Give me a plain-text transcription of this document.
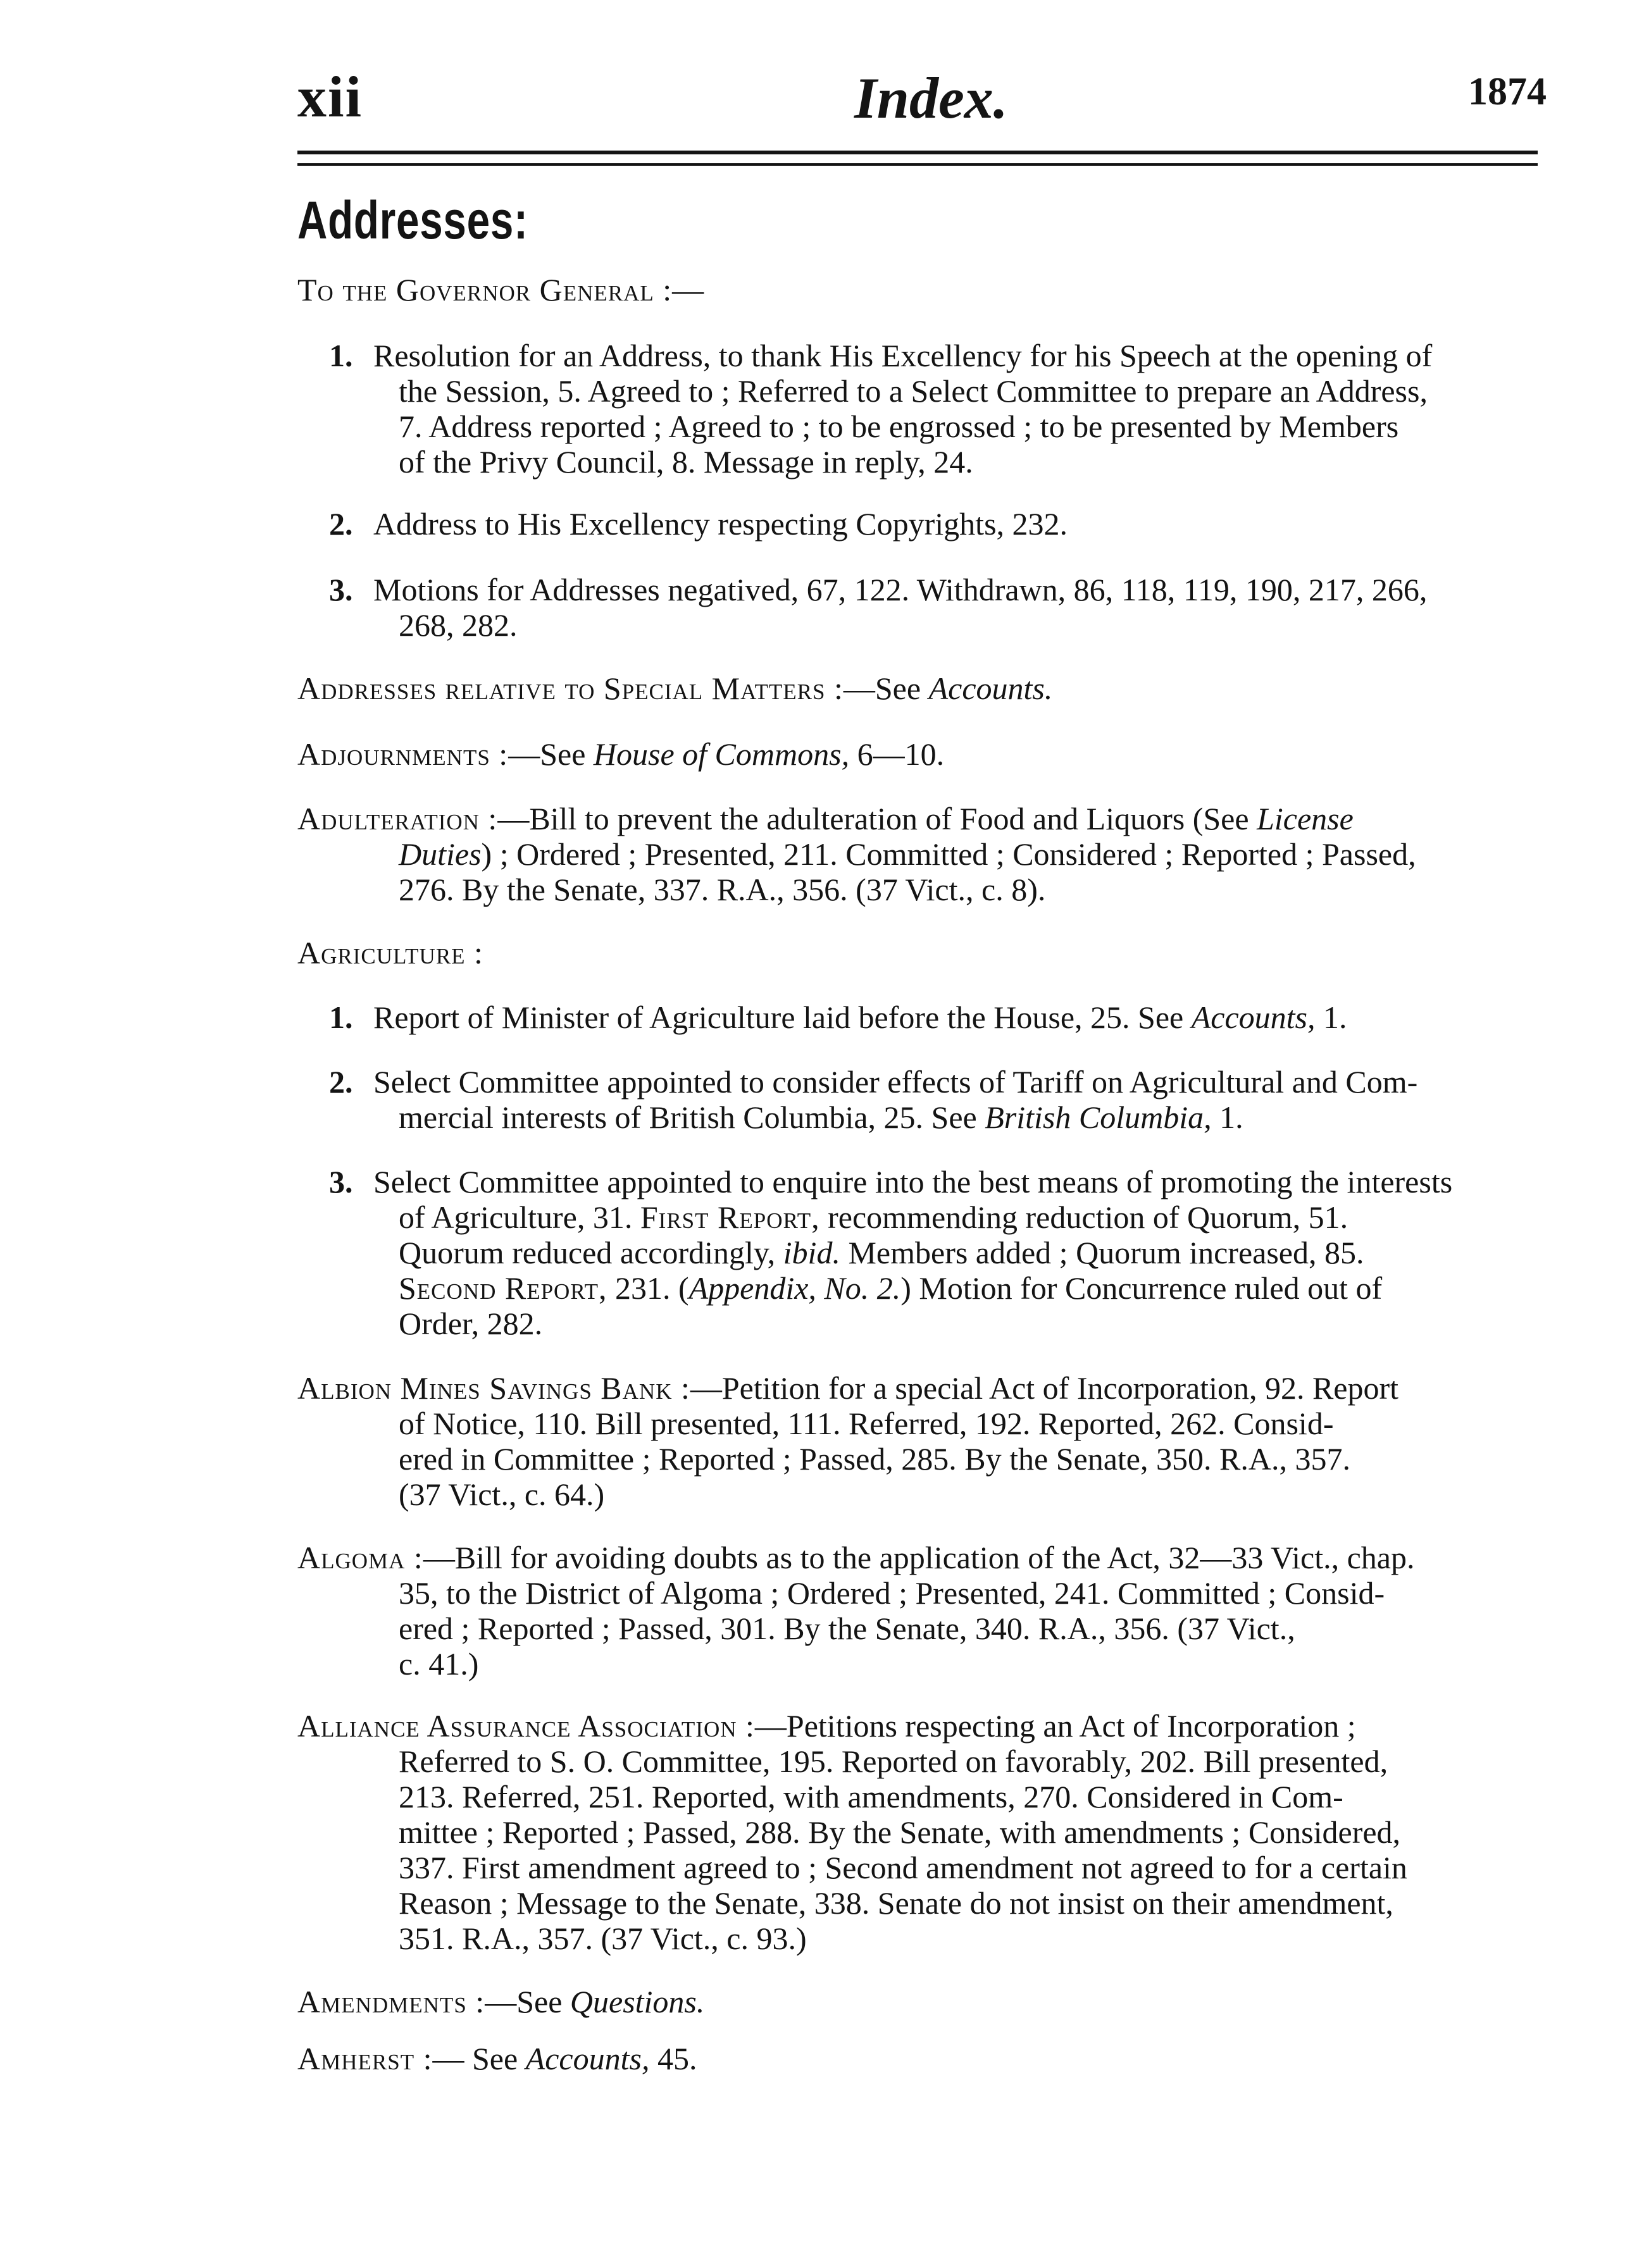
xii	Index.	1874
Addresses:
To the Governor General :—
1. Resolution for an Address, to thank His Excellency for his Speech at the opening of
the Session, 5. Agreed to ; Referred to a Select Committee to prepare an Address,
7. Address reported ; Agreed to ; to be engrossed ; to be presented by Members
of the Privy Council, 8. Message in reply, 24.
2. Address to His Excellency respecting Copyrights, 232.
3. Motions for Addresses negatived, 67, 122. Withdrawn, 86, 118, 119, 190, 217, 266,
268, 282.
Addresses relative to Special Matters :—See Accounts.
Adjournments :—See House of Commons, 6—10.
Adulteration :—Bill to prevent the adulteration of Food and Liquors (See License
Duties) ; Ordered ; Presented, 211. Committed ; Considered ; Reported ; Passed,
276. By the Senate, 337. R.A., 356. (37 Vict., c. 8).
Agriculture :
1. Report of Minister of Agriculture laid before the House, 25. See Accounts, 1.
2. Select Committee appointed to consider effects of Tariff on Agricultural and Com-
mercial interests of British Columbia, 25. See British Columbia, 1.
3. Select Committee appointed to enquire into the best means of promoting the interests
of Agriculture, 31. First Report, recommending reduction of Quorum, 51.
Quorum reduced accordingly, ibid. Members added ; Quorum increased, 85.
Second Report, 231. (Appendix, No. 2.) Motion for Concurrence ruled out of
Order, 282.
Albion Mines Savings Bank :—Petition for a special Act of Incorporation, 92. Report
of Notice, 110. Bill presented, 111. Referred, 192. Reported, 262. Consid-
ered in Committee ; Reported ; Passed, 285. By the Senate, 350. R.A., 357.
(37 Vict., c. 64.)
Algoma :—Bill for avoiding doubts as to the application of the Act, 32—33 Vict., chap.
35, to the District of Algoma ; Ordered ; Presented, 241. Committed ; Consid-
ered ; Reported ; Passed, 301. By the Senate, 340. R.A., 356. (37 Vict.,
c. 41.)
Alliance Assurance Association :—Petitions respecting an Act of Incorporation ;
Referred to S. O. Committee, 195. Reported on favorably, 202. Bill presented,
213. Referred, 251. Reported, with amendments, 270. Considered in Com-
mittee ; Reported ; Passed, 288. By the Senate, with amendments ; Considered,
337. First amendment agreed to ; Second amendment not agreed to for a certain
Reason ; Message to the Senate, 338. Senate do not insist on their amendment,
351. R.A., 357. (37 Vict., c. 93.)
Amendments :—See Questions.
Amherst :— See Accounts, 45.
